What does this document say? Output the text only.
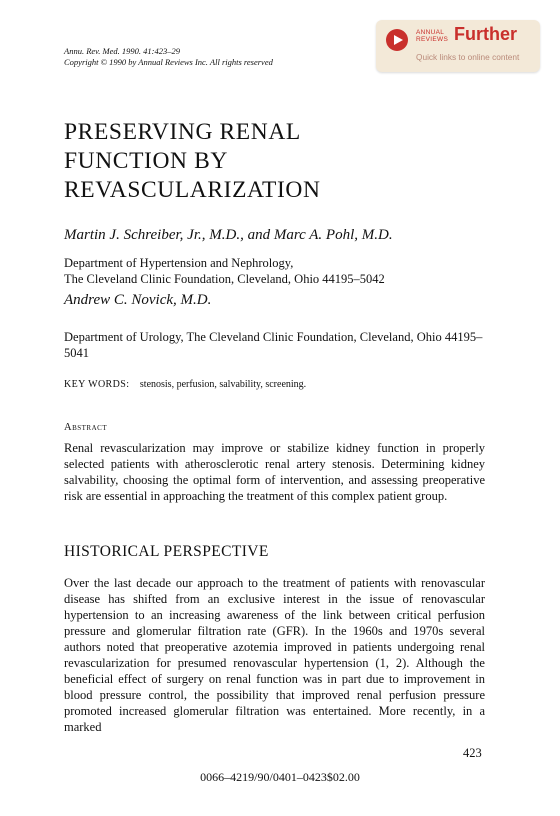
Annu. Rev. Med. 1990. 41:423–29
Copyright © 1990 by Annual Reviews Inc. All rights reserved
ANNUAL
REVIEWS Further
Quick links to online content
PRESERVING RENAL
FUNCTION BY
REVASCULARIZATION
Martin J. Schreiber, Jr., M.D., and Marc A. Pohl, M.D.
Department of Hypertension and Nephrology,
The Cleveland Clinic Foundation, Cleveland, Ohio 44195–5042
Andrew C. Novick, M.D.
Department of Urology, The Cleveland Clinic Foundation, Cleveland, Ohio 44195–5041
KEY WORDS: stenosis, perfusion, salvability, screening.
Abstract
Renal revascularization may improve or stabilize kidney function in properly selected patients with atherosclerotic renal artery stenosis. Determining kidney salvability, choosing the optimal form of intervention, and assessing preoperative risk are essential in approaching the treatment of this complex patient group.
HISTORICAL PERSPECTIVE
Over the last decade our approach to the treatment of patients with renovascular disease has shifted from an exclusive interest in the issue of renovascular hypertension to an increasing awareness of the link between critical perfusion pressure and glomerular filtration rate (GFR). In the 1960s and 1970s several authors noted that preoperative azotemia improved in patients undergoing renal revascularization for presumed renovascular hypertension (1, 2). Although the beneficial effect of surgery on renal function was in part due to improvement in blood pressure control, the possibility that improved renal perfusion pressure promoted increased glomerular filtration was entertained. More recently, in a marked
423
0066–4219/90/0401–0423$02.00
